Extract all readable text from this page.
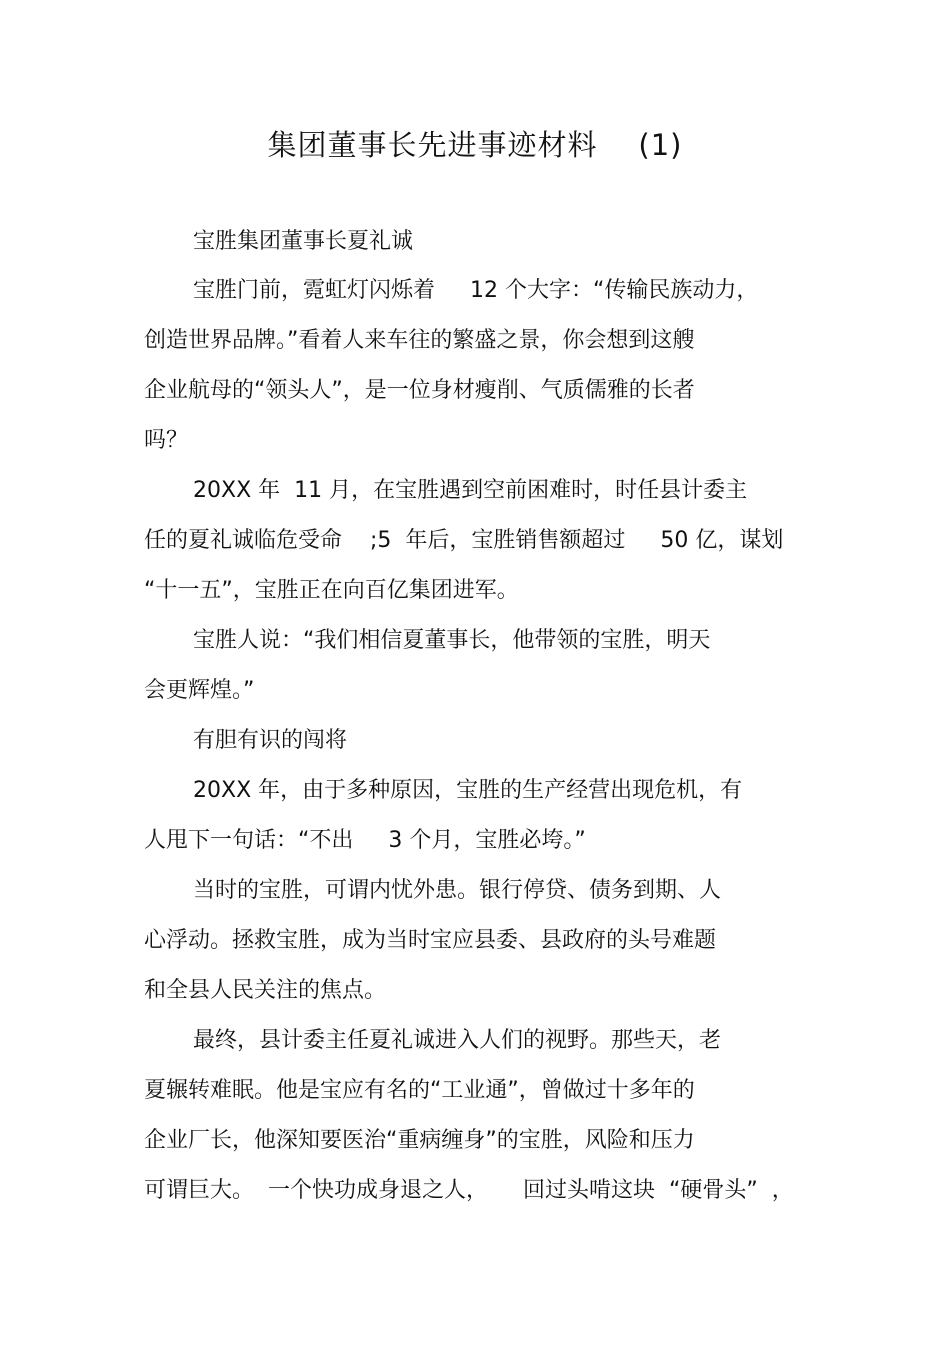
集团董事长先进事迹材料    (1)
宝胜集团董事长夏礼诚
宝胜门前，霓虹灯闪烁着     12 个大字：“传输民族动力，
创造世界品牌。”看着人来车往的繁盛之景，你会想到这艘
企业航母的“领头人”，是一位身材瘦削、气质儒雅的长者
吗？
20XX 年  11 月，在宝胜遇到空前困难时，时任县计委主
任的夏礼诚临危受命    ;5  年后，宝胜销售额超过     50 亿，谋划
“十一五”，宝胜正在向百亿集团进军。
宝胜人说：“我们相信夏董事长，他带领的宝胜，明天
会更辉煌。”
有胆有识的闯将
20XX 年，由于多种原因，宝胜的生产经营出现危机，有
人甩下一句话：“不出     3 个月，宝胜必垮。”
当时的宝胜，可谓内忧外患。银行停贷、债务到期、人
心浮动。拯救宝胜，成为当时宝应县委、县政府的头号难题
和全县人民关注的焦点。
最终，县计委主任夏礼诚进入人们的视野。那些天，老
夏辗转难眠。他是宝应有名的“工业通”，曾做过十多年的
企业厂长，他深知要医治“重病缠身”的宝胜，风险和压力
可谓巨大。  一个快功成身退之人，     回过头啃这块  “硬骨头”  ，
